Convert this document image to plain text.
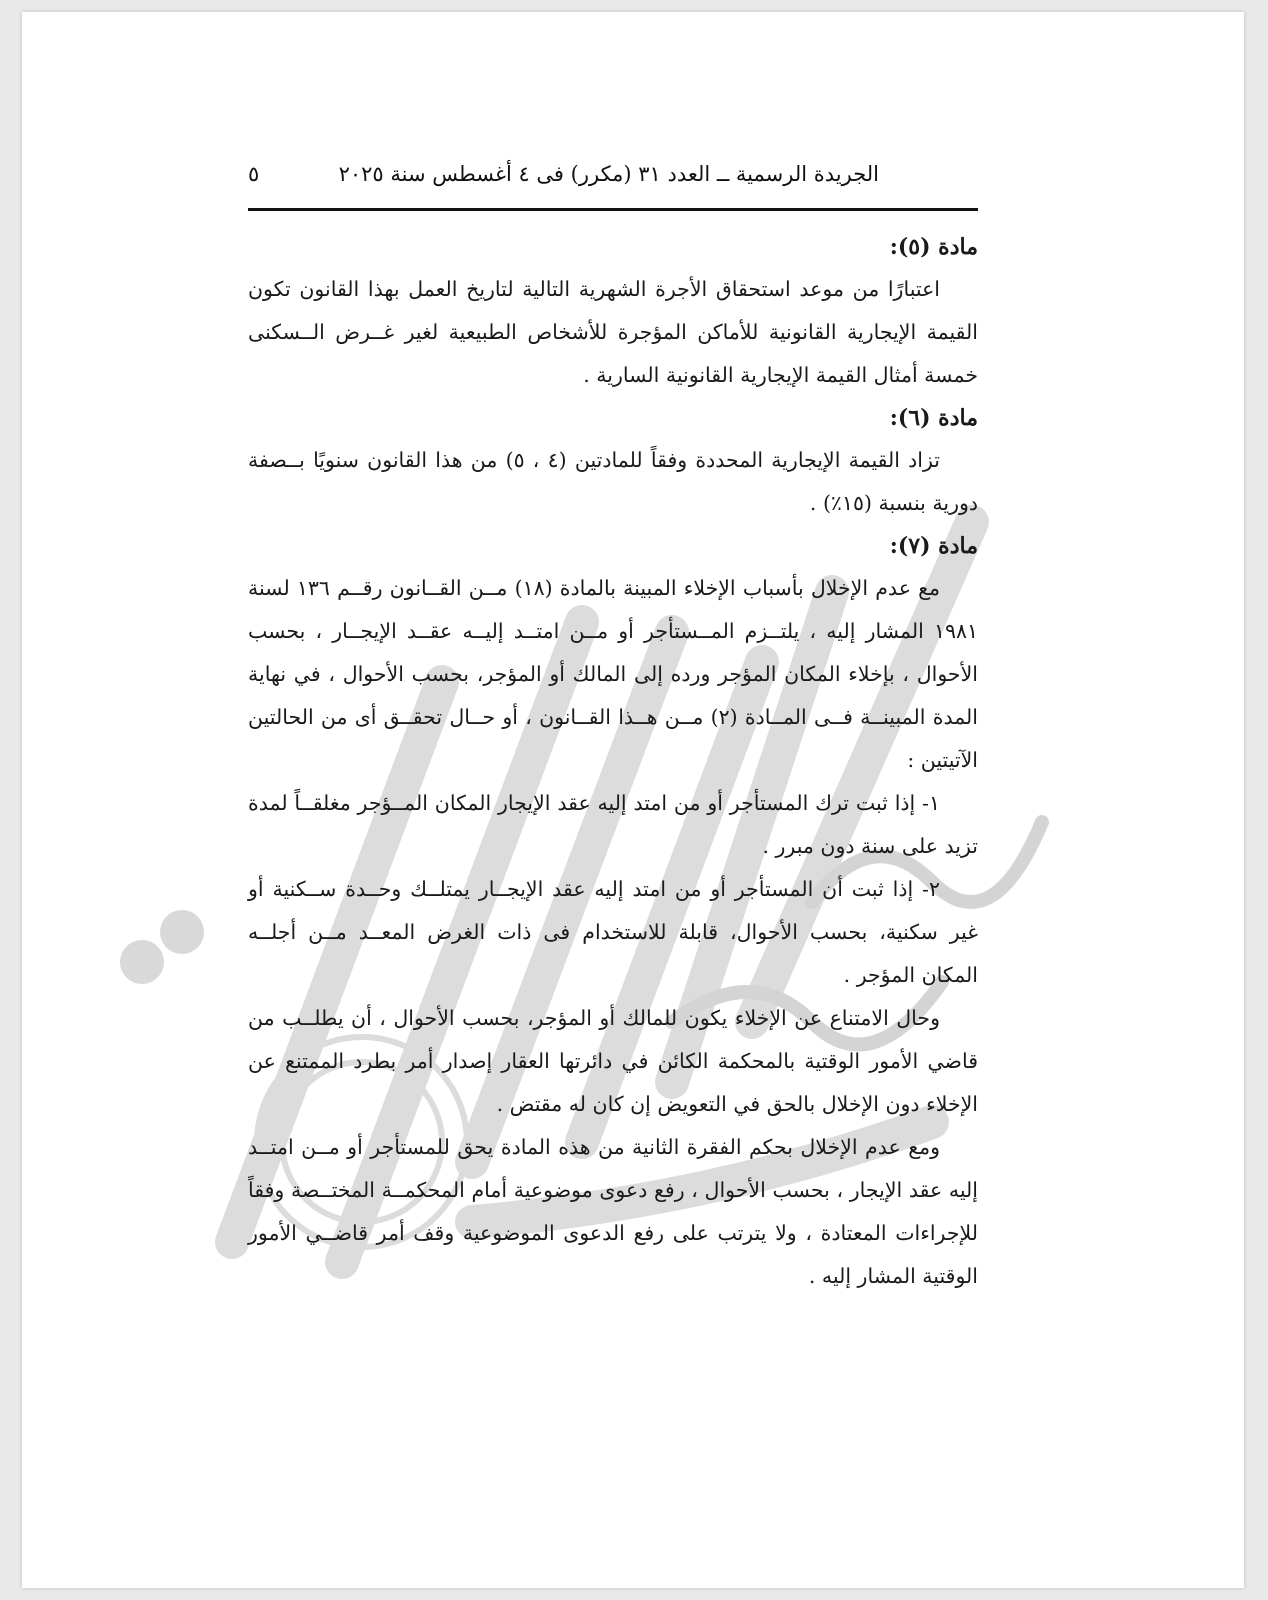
الجريدة الرسمية ــ العدد ٣١ (مكرر) فى ٤ أغسطس سنة ٢٠٢٥
٥

مادة (٥):

اعتبارًا من موعد استحقاق الأجرة الشهرية التالية لتاريخ العمل بهذا القانون تكون القيمة الإيجارية القانونية للأماكن المؤجرة للأشخاص الطبيعية لغير غــرض الــسكنى خمسة أمثال القيمة الإيجارية القانونية السارية .

مادة (٦):

تزاد القيمة الإيجارية المحددة وفقاً للمادتين (٤ ، ٥) من هذا القانون سنويًا بــصفة دورية بنسبة (١٥٪) .

مادة (٧):

مع عدم الإخلال بأسباب الإخلاء المبينة بالمادة (١٨) مــن القــانون رقــم ١٣٦ لسنة ١٩٨١ المشار إليه ، يلتــزم المــستأجر أو مــن امتــد إليــه عقــد الإيجــار ، بحسب الأحوال ، بإخلاء المكان المؤجر ورده إلى المالك أو المؤجر، بحسب الأحوال ، في نهاية المدة المبينــة فــى المــادة (٢) مــن هــذا القــانون ، أو حــال تحقــق أى من الحالتين الآتيتين :

١- إذا ثبت ترك المستأجر أو من امتد إليه عقد الإيجار المكان المــؤجر مغلقــاً لمدة تزيد على سنة دون مبرر .

٢- إذا ثبت أن المستأجر أو من امتد إليه عقد الإيجــار يمتلــك وحــدة ســكنية أو غير سكنية، بحسب الأحوال، قابلة للاستخدام فى ذات الغرض المعــد مــن أجلــه المكان المؤجر .

وحال الامتناع عن الإخلاء يكون للمالك أو المؤجر، بحسب الأحوال ، أن يطلــب من قاضي الأمور الوقتية بالمحكمة الكائن في دائرتها العقار إصدار أمر بطرد الممتنع عن الإخلاء دون الإخلال بالحق في التعويض إن كان له مقتض .

ومع عدم الإخلال بحكم الفقرة الثانية من هذه المادة يحق للمستأجر أو مــن امتــد إليه عقد الإيجار ، بحسب الأحوال ، رفع دعوى موضوعية أمام المحكمــة المختــصة وفقاً للإجراءات المعتادة ، ولا يترتب على رفع الدعوى الموضوعية وقف أمر قاضــي الأمور الوقتية المشار إليه .
